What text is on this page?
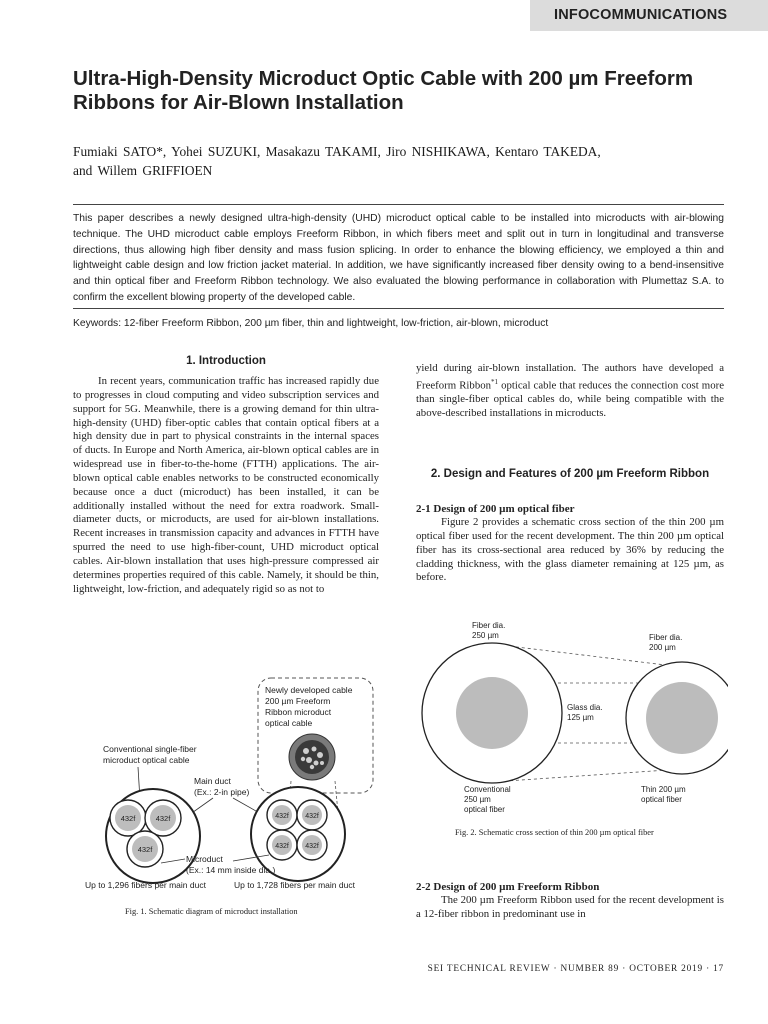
INFOCOMMUNICATIONS
Ultra-High-Density Microduct Optic Cable with 200 µm Freeform Ribbons for Air-Blown Installation
Fumiaki SATO*, Yohei SUZUKI, Masakazu TAKAMI, Jiro NISHIKAWA, Kentaro TAKEDA,
and Willem GRIFFIOEN
This paper describes a newly designed ultra-high-density (UHD) microduct optical cable to be installed into microducts with air-blowing technique. The UHD microduct cable employs Freeform Ribbon, in which fibers meet and split out in turn in longitudinal and transverse directions, thus allowing high fiber density and mass fusion splicing. In order to enhance the blowing efficiency, we employed a thin and lightweight cable design and low friction jacket material. In addition, we have significantly increased fiber density owing to a bend-insensitive and thin optical fiber and Freeform Ribbon technology. We also evaluated the blowing performance in collaboration with Plumettaz S.A. to confirm the excellent blowing property of the developed cable.
Keywords: 12-fiber Freeform Ribbon, 200 µm fiber, thin and lightweight, low-friction, air-blown, microduct
1. Introduction
In recent years, communication traffic has increased rapidly due to progresses in cloud computing and video subscription services and support for 5G. Meanwhile, there is a growing demand for thin ultra-high-density (UHD) fiber-optic cables that contain optical fibers at a high density due in part to physical constraints in the internal spaces of ducts. In Europe and North America, air-blown optical cables are in widespread use in fiber-to-the-home (FTTH) applications. The air-blown optical cable enables networks to be constructed economically because once a duct (microduct) has been installed, it can be additionally installed without the need for extra roadwork. Small-diameter ducts, or microducts, are used for air-blown installations. Recent increases in transmission capacity and advances in FTTH have spurred the need to use high-fiber-count, UHD microduct optical cables. Air-blown installation that uses high-pressure compressed air determines properties required of this cable. Namely, it should be thin, lightweight, low-friction, and adequately rigid so as not to
Newly developed cable
200 µm Freeform
Ribbon microduct
optical cable
Conventional single-fiber
microduct optical cable
Main duct
(Ex.: 2-in pipe)
432f	432f
432f
432f 432f
432f 432f
Microduct
(Ex.: 14 mm inside dia.)
Up to 1,296 fibers per main duct	Up to 1,728 fibers per main duct
Fig. 1. Schematic diagram of microduct installation
yield during air-blown installation. The authors have developed a Freeform Ribbon$^{*1}$ optical cable that reduces the connection cost more than single-fiber optical cables do, while being compatible with the above-described installations in microducts.
2. Design and Features of 200 µm Freeform Ribbon
2-1 Design of 200 µm optical fiber
Figure 2 provides a schematic cross section of the thin 200 µm optical fiber used for the recent development. The thin 200 µm optical fiber has its cross-sectional area reduced by 36% by reducing the cladding thickness, with the glass diameter remaining at 125 µm, as before.
Fiber dia.
250 µm	Fiber dia.
200 µm
Glass dia.
125 µm
Conventional
250 µm
optical fiber
Thin 200 µm
optical fiber
Fig. 2. Schematic cross section of thin 200 µm optical fiber
2-2 Design of 200 µm Freeform Ribbon
The 200 µm Freeform Ribbon used for the recent development is a 12-fiber ribbon in predominant use in
SEI TECHNICAL REVIEW · NUMBER 89 · OCTOBER 2019 · 17
